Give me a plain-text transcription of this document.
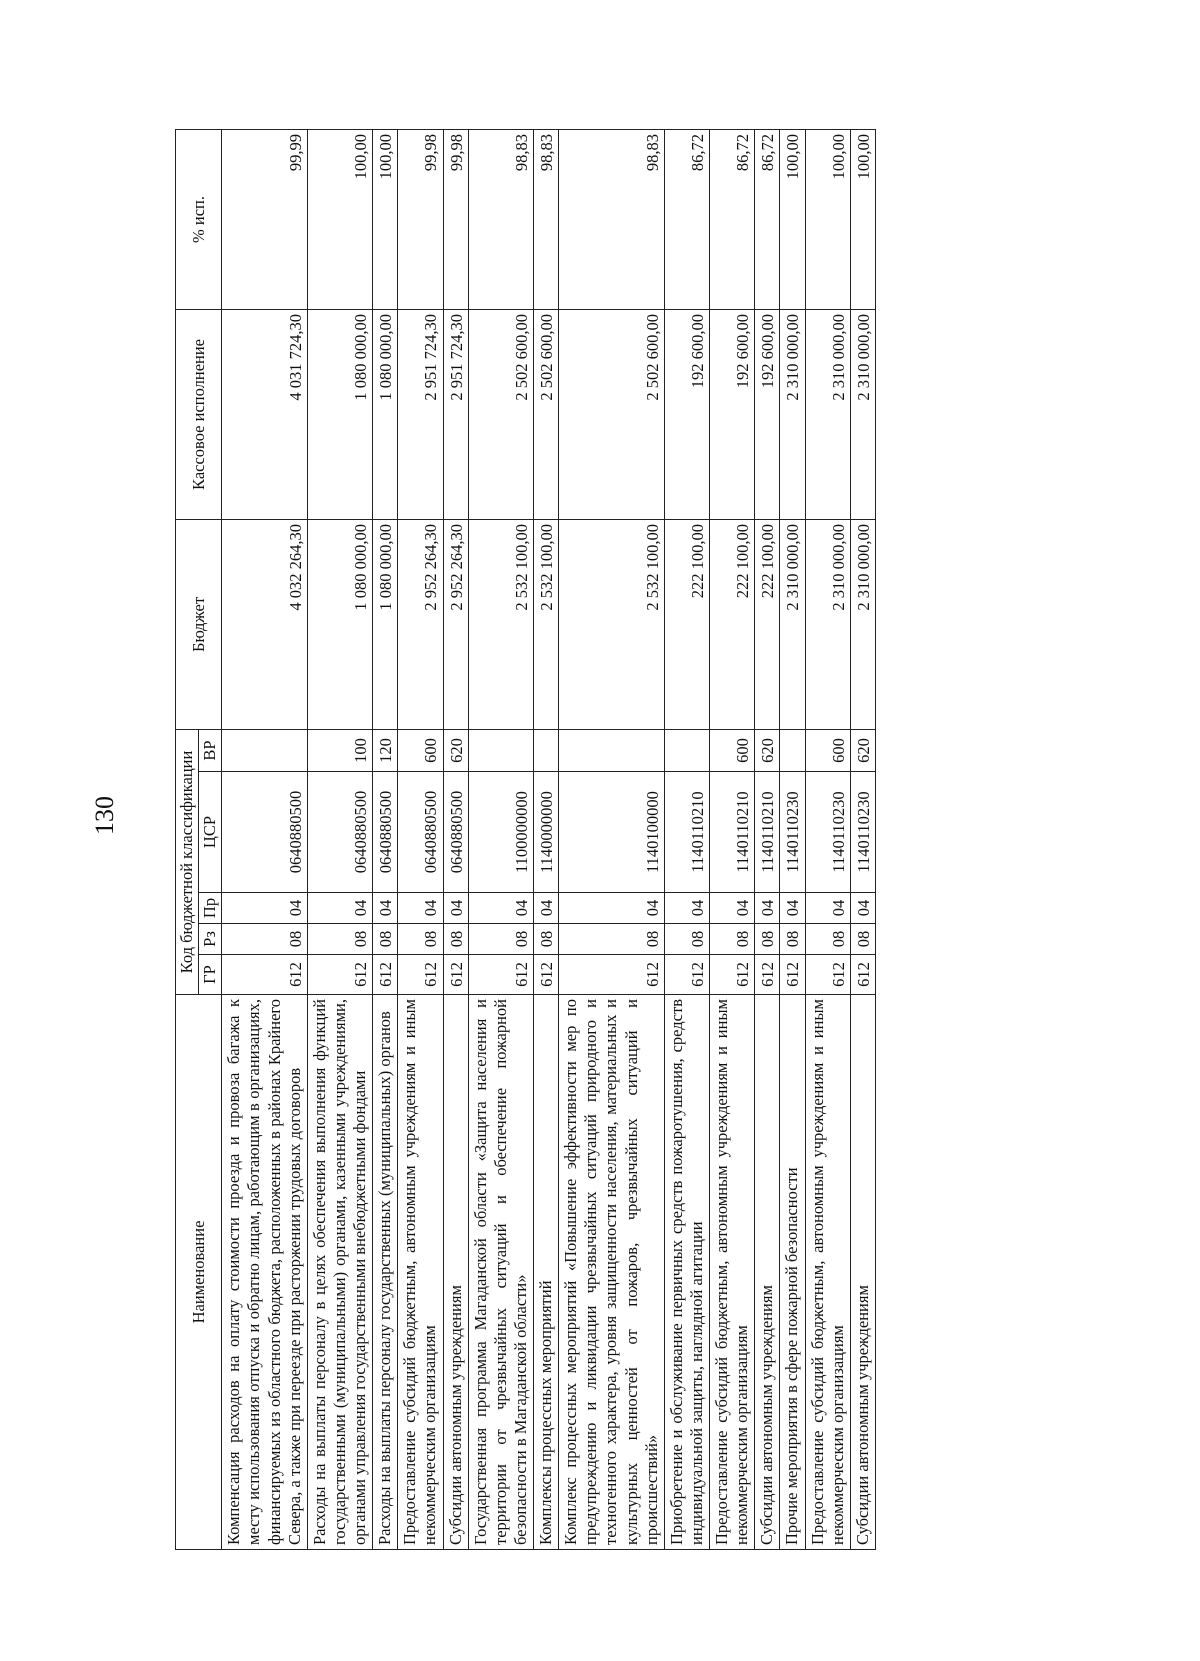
130
Наименование	Код бюджетной классификации					Бюджет	Кассовое исполнение	% исп.
	ГР	Рз	Пр	ЦСР	ВР			
Компенсация расходов на оплату стоимости проезда и провоза багажа к месту использования отпуска и обратно лицам, работающим в организациях, финансируемых из областного бюджета, расположенных в районах Крайнего Севера, а также при переезде при расторжении трудовых договоров	612	08	04	0640880500		4 032 264,30	4 031 724,30	99,99
Расходы на выплаты персоналу в целях обеспечения выполнения функций государственными (муниципальными) органами, казенными учреждениями, органами управления государственными внебюджетными фондами	612	08	04	0640880500	100	1 080 000,00	1 080 000,00	100,00
Расходы на выплаты персоналу государственных (муниципальных) органов	612	08	04	0640880500	120	1 080 000,00	1 080 000,00	100,00
Предоставление субсидий бюджетным, автономным учреждениям и иным некоммерческим организациям	612	08	04	0640880500	600	2 952 264,30	2 951 724,30	99,98
Субсидии автономным учреждениям	612	08	04	0640880500	620	2 952 264,30	2 951 724,30	99,98
Государственная программа Магаданской области «Защита населения и территории от чрезвычайных ситуаций и обеспечение пожарной безопасности в Магаданской области»	612	08	04	1100000000		2 532 100,00	2 502 600,00	98,83
Комплексы процессных мероприятий	612	08	04	1140000000		2 532 100,00	2 502 600,00	98,83
Комплекс процессных мероприятий «Повышение эффективности мер по предупреждению и ликвидации чрезвычайных ситуаций природного и техногенного характера, уровня защищенности населения, материальных и культурных ценностей от пожаров, чрезвычайных ситуаций и происшествий»	612	08	04	1140100000		2 532 100,00	2 502 600,00	98,83
Приобретение и обслуживание первичных средств пожаротушения, средств индивидуальной защиты, наглядной агитации	612	08	04	1140110210		222 100,00	192 600,00	86,72
Предоставление субсидий бюджетным, автономным учреждениям и иным некоммерческим организациям	612	08	04	1140110210	600	222 100,00	192 600,00	86,72
Субсидии автономным учреждениям	612	08	04	1140110210	620	222 100,00	192 600,00	86,72
Прочие мероприятия в сфере пожарной безопасности	612	08	04	1140110230		2 310 000,00	2 310 000,00	100,00
Предоставление субсидий бюджетным, автономным учреждениям и иным некоммерческим организациям	612	08	04	1140110230	600	2 310 000,00	2 310 000,00	100,00
Субсидии автономным учреждениям	612	08	04	1140110230	620	2 310 000,00	2 310 000,00	100,00
